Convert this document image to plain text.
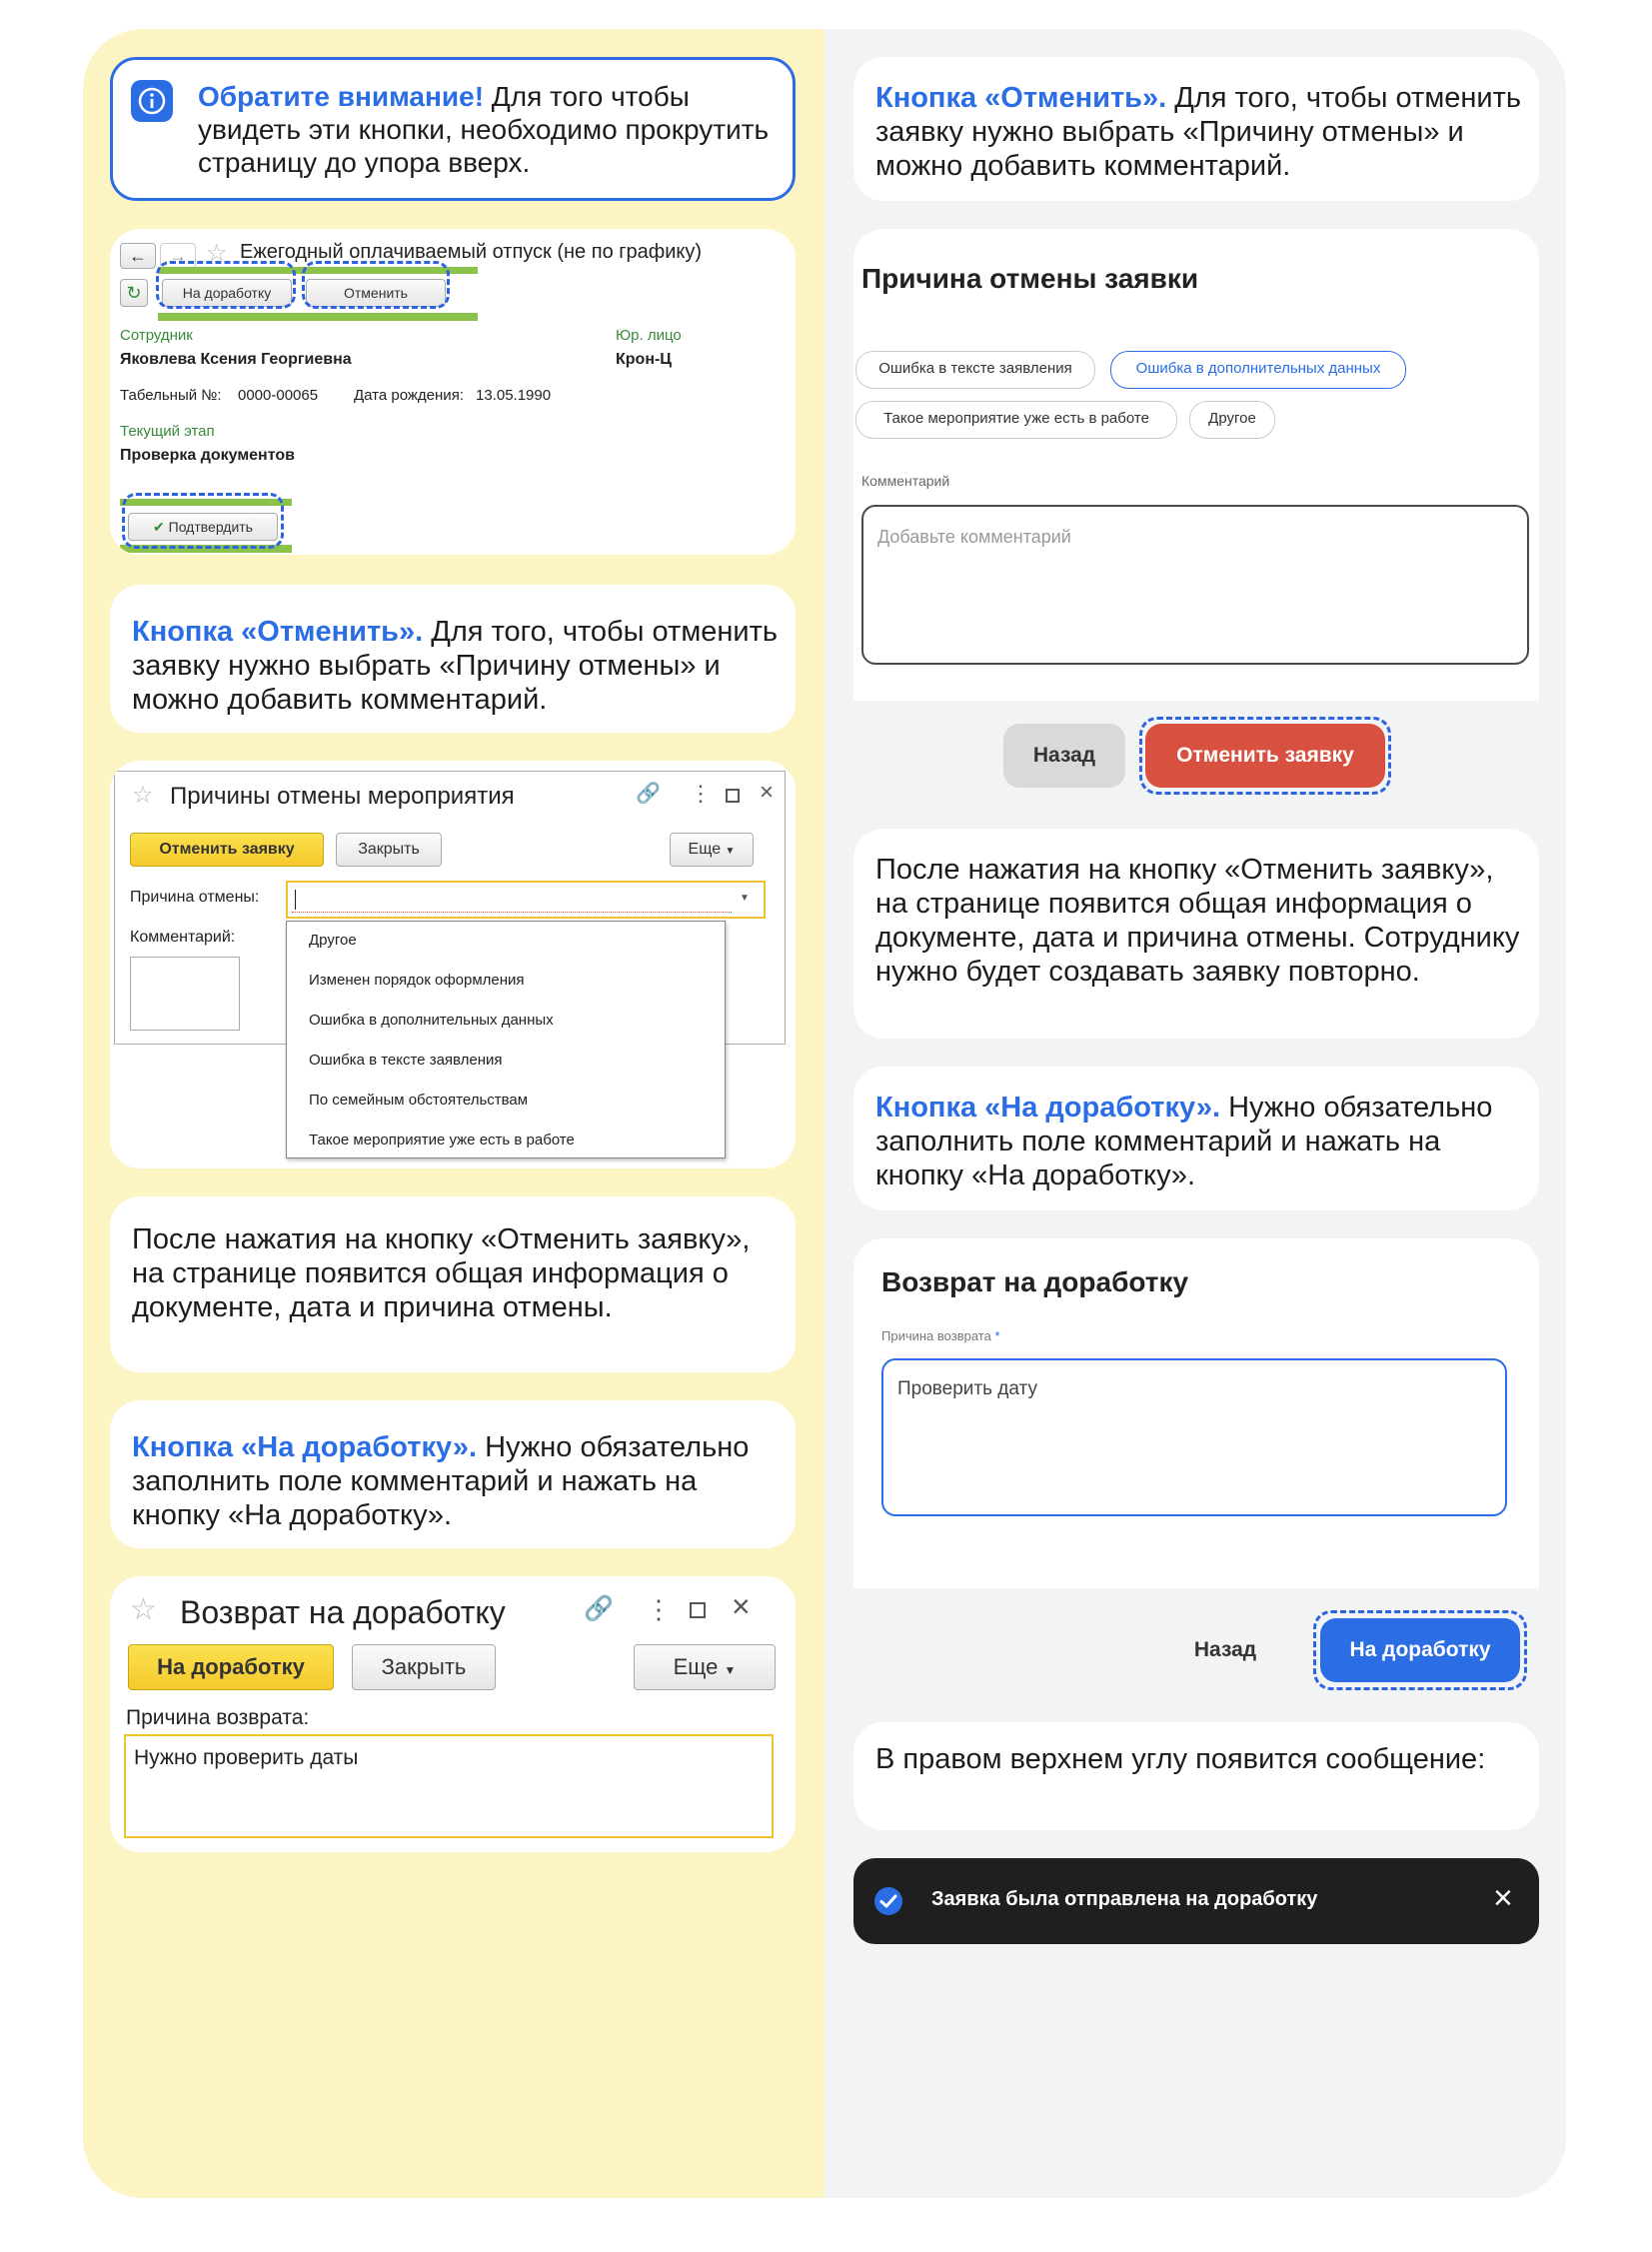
Обратите внимание! Для того чтобы увидеть эти кнопки, необходимо прокрутить страницу до упора вверх.
←	→ ☆ Ежегодный оплачиваемый отпуск (не по графику)
↻	На доработку	Отменить
Сотрудник
Яковлева Ксения Георгиевна
Юр. лицо
Крон-Ц
Табельный №: 0000-00065 Дата рождения: 13.05.1990
Текущий этап
Проверка документов
✔ Подтвердить
Кнопка «Отменить». Для того, чтобы отменить заявку нужно выбрать «Причину отмены» и можно добавить комментарий.
☆ Причины отмены мероприятия	🔗 ⋮ ×
Отменить заявку	Закрыть	Еще ▼
Причина отмены:	▼
Комментарий:	Другое
Изменен порядок оформления
Ошибка в дополнительных данных
Ошибка в тексте заявления
По семейным обстоятельствам
Такое мероприятие уже есть в работе
После нажатия на кнопку «Отменить заявку», на странице появится общая информация о документе, дата и причина отмены.
Кнопка «На доработку». Нужно обязательно заполнить поле комментарий и нажать на кнопку «На доработку».
☆ Возврат на доработку	🔗 ⋮ ×
На доработку	Закрыть	Еще ▼
Причина возврата:
Нужно проверить даты
Кнопка «Отменить». Для того, чтобы отменить заявку нужно выбрать «Причину отмены» и можно добавить комментарий.
Причина отмены заявки
Ошибка в тексте заявления	Ошибка в дополнительных данных
Такое мероприятие уже есть в работе	Другое
Комментарий
Добавьте комментарий
Назад	Отменить заявку
После нажатия на кнопку «Отменить заявку», на странице появится общая информация о документе, дата и причина отмены. Сотруднику нужно будет создавать заявку повторно.
Кнопка «На доработку». Нужно обязательно заполнить поле комментарий и нажать на кнопку «На доработку».
Возврат на доработку
Причина возврата *
Проверить дату
Назад	На доработку
В правом верхнем углу появится сообщение:
Заявка была отправлена на доработку	×
